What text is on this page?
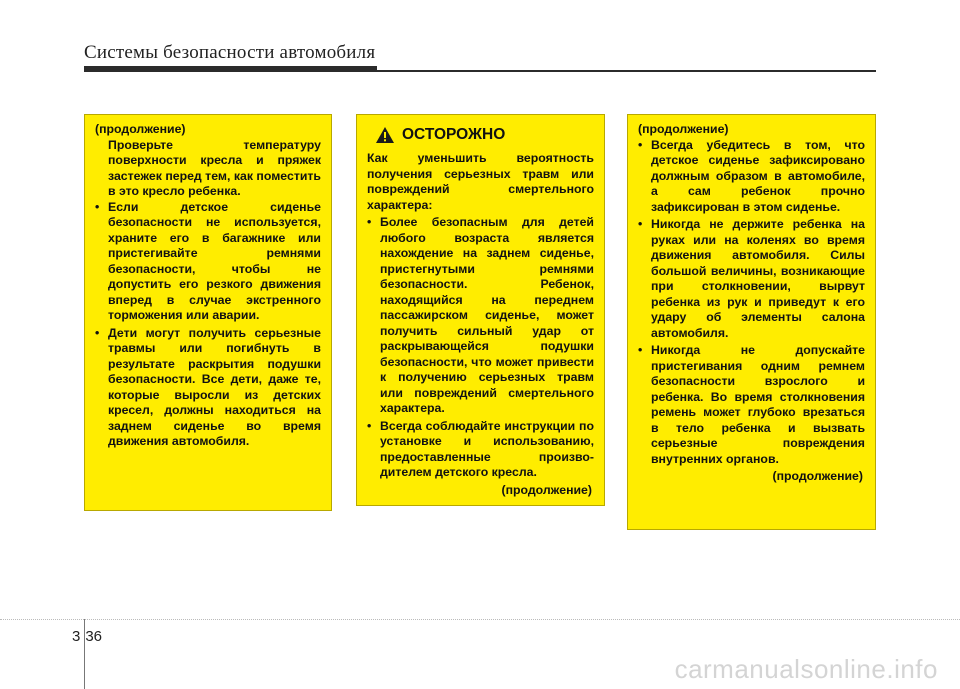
Системы безопасности автомобиля
(продолжение)
Проверьте температуру поверхности кресла и пряжек застежек перед тем, как поместить в это кресло ребенка.
• Если детское сиденье безопасности не используется, храните его в багажнике или пристегивайте ремнями безопасности, чтобы не допустить его резкого движения вперед в случае экстренного торможения или аварии.
• Дети могут получить серьезные травмы или погибнуть в результате раскрытия подушки безопасности. Все дети, даже те, которые выросли из детских кресел, должны находиться на заднем сиденье во время движения автомобиля.
ОСТОРОЖНО
Как уменьшить вероятность получения серьезных травм или повреждений смертельного характера:
• Более безопасным для детей любого возраста является нахождение на заднем сиденье, пристегнутыми ремнями безопасности. Ребенок, находящийся на переднем пассажирском сиденье, может получить сильный удар от раскрывающейся подушки безопасности, что может привести к получению серьезных травм или повреждений смертельного характера.
• Всегда соблюдайте инструкции по установке и использованию, предоставленные произво-дителем детского кресла.
(продолжение)
(продолжение)
• Всегда убедитесь в том, что детское сиденье зафиксировано должным образом в автомобиле, а сам ребенок прочно зафиксирован в этом сиденье.
• Никогда не держите ребенка на руках или на коленях во время движения автомобиля. Силы большой величины, возникающие при столкновении, вырвут ребенка из рук и приведут к его удару об элементы салона автомобиля.
• Никогда не допускайте пристегивания одним ремнем безопасности взрослого и ребенка. Во время столкновения ремень может глубоко врезаться в тело ребенка и вызвать серьезные повреждения внутренних органов.
(продолжение)
3 36
carmanualsonline.info
